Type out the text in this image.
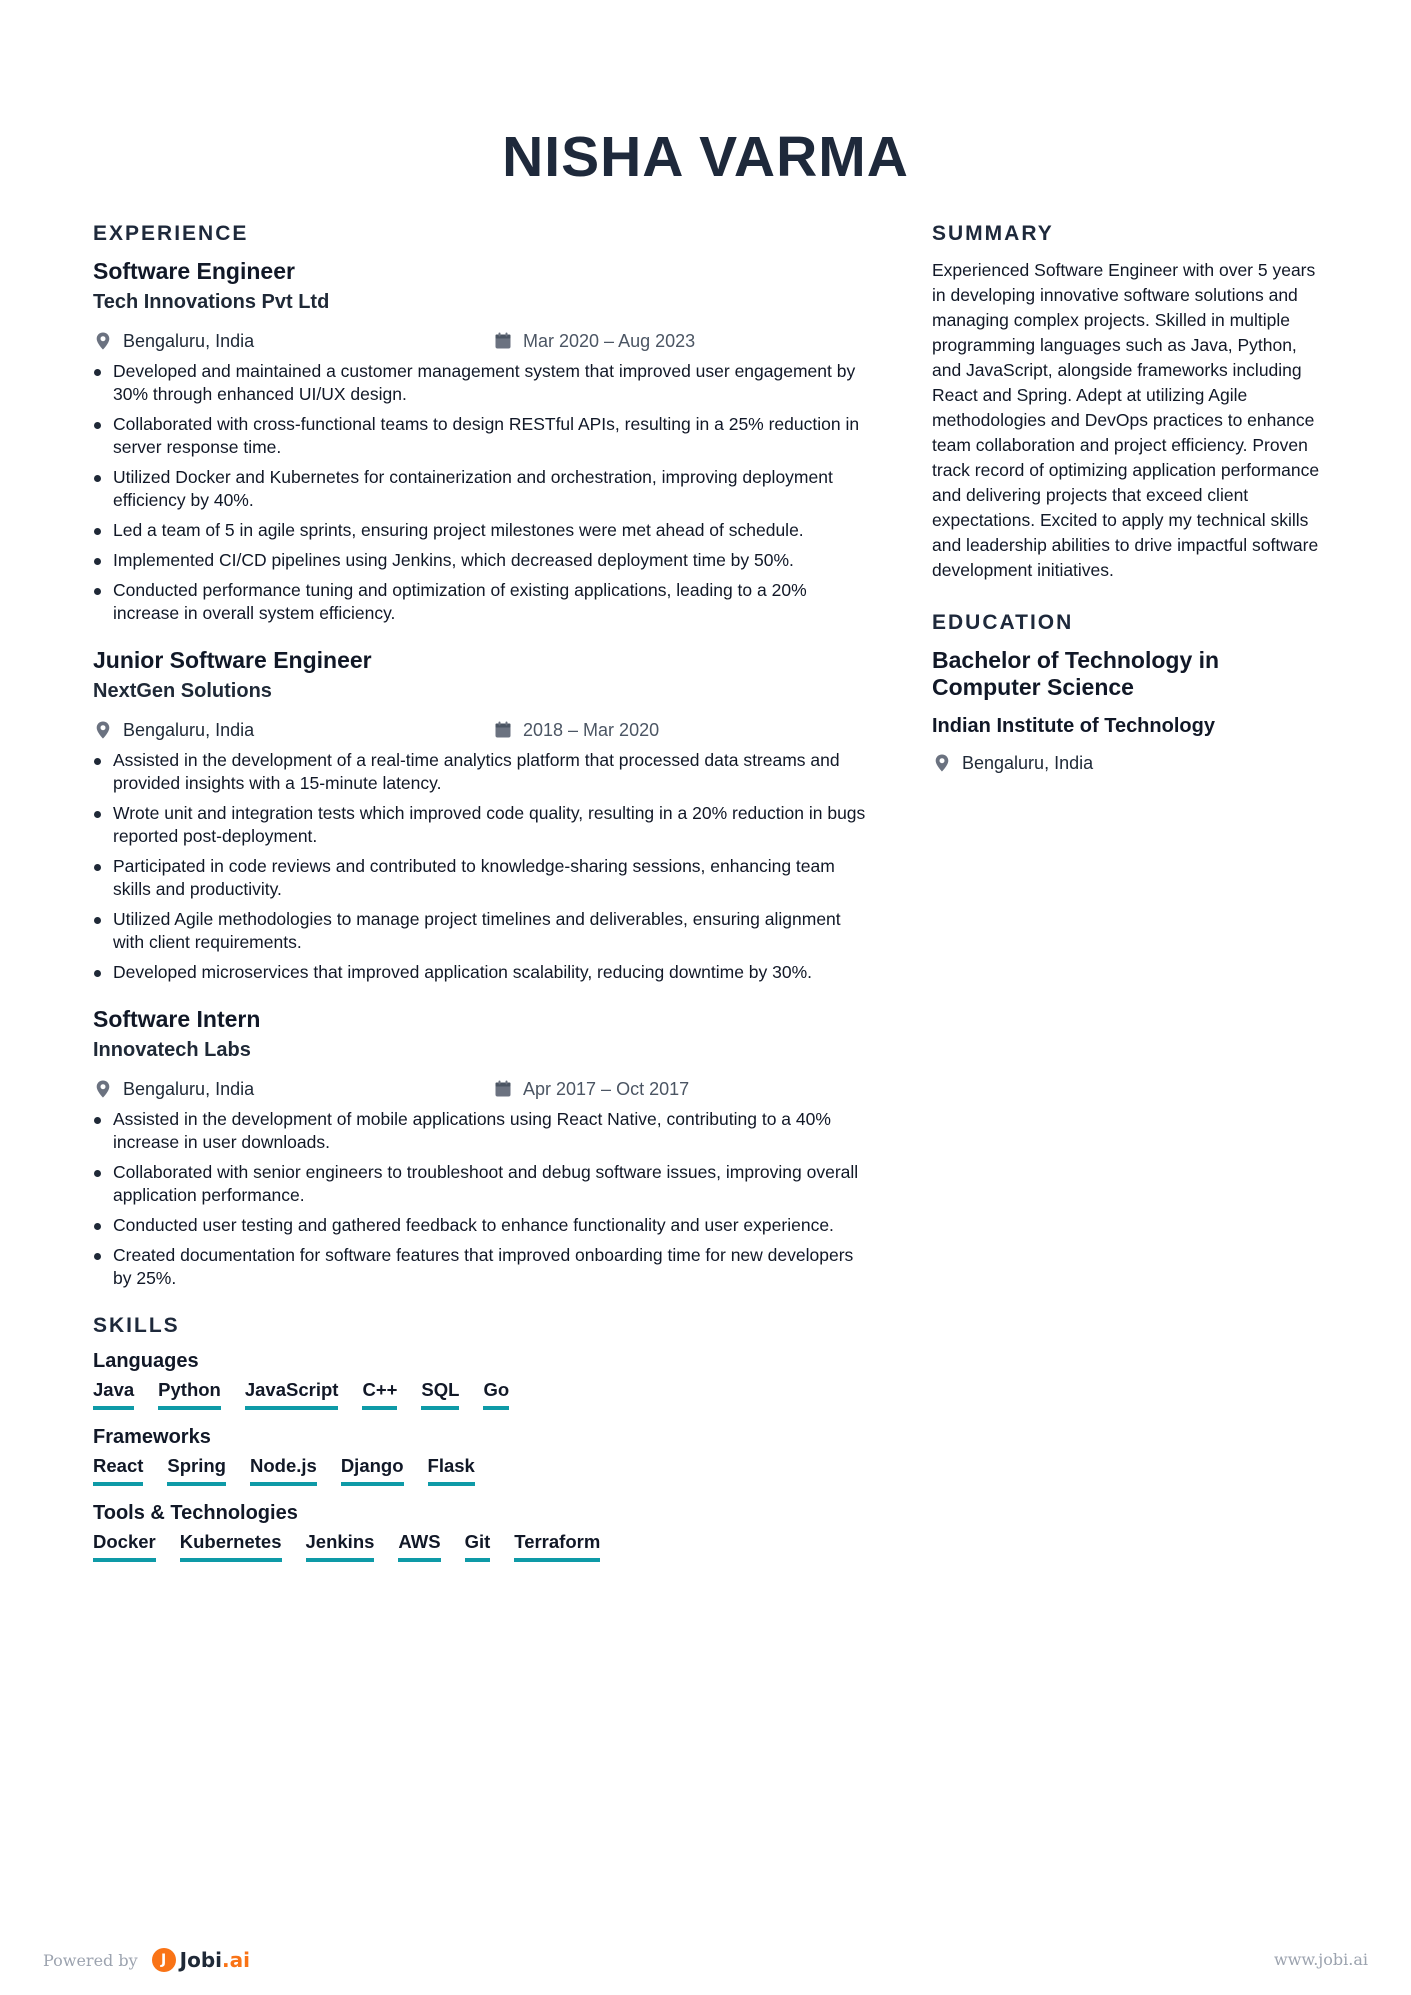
NISHA VARMA
EXPERIENCE
Software Engineer
Tech Innovations Pvt Ltd
Bengaluru, India	Mar 2020 – Aug 2023
Developed and maintained a customer management system that improved user engagement by 30% through enhanced UI/UX design.
Collaborated with cross-functional teams to design RESTful APIs, resulting in a 25% reduction in server response time.
Utilized Docker and Kubernetes for containerization and orchestration, improving deployment efficiency by 40%.
Led a team of 5 in agile sprints, ensuring project milestones were met ahead of schedule.
Implemented CI/CD pipelines using Jenkins, which decreased deployment time by 50%.
Conducted performance tuning and optimization of existing applications, leading to a 20% increase in overall system efficiency.
Junior Software Engineer
NextGen Solutions
Bengaluru, India	2018 – Mar 2020
Assisted in the development of a real-time analytics platform that processed data streams and provided insights with a 15-minute latency.
Wrote unit and integration tests which improved code quality, resulting in a 20% reduction in bugs reported post-deployment.
Participated in code reviews and contributed to knowledge-sharing sessions, enhancing team skills and productivity.
Utilized Agile methodologies to manage project timelines and deliverables, ensuring alignment with client requirements.
Developed microservices that improved application scalability, reducing downtime by 30%.
Software Intern
Innovatech Labs
Bengaluru, India	Apr 2017 – Oct 2017
Assisted in the development of mobile applications using React Native, contributing to a 40% increase in user downloads.
Collaborated with senior engineers to troubleshoot and debug software issues, improving overall application performance.
Conducted user testing and gathered feedback to enhance functionality and user experience.
Created documentation for software features that improved onboarding time for new developers by 25%.
SKILLS
Languages
Java Python JavaScript C++ SQL Go
Frameworks
React Spring Node.js Django Flask
Tools & Technologies
Docker Kubernetes Jenkins AWS Git Terraform
SUMMARY

Experienced Software Engineer with over 5 years in developing innovative software solutions and managing complex projects. Skilled in multiple programming languages such as Java, Python, and JavaScript, alongside frameworks including React and Spring. Adept at utilizing Agile methodologies and DevOps practices to enhance team collaboration and project efficiency. Proven track record of optimizing application performance and delivering projects that exceed client expectations. Excited to apply my technical skills and leadership abilities to drive impactful software development initiatives.

EDUCATION
Bachelor of Technology in Computer Science
Indian Institute of Technology
Bengaluru, India
Powered by	J Jobi.ai	www.jobi.ai
